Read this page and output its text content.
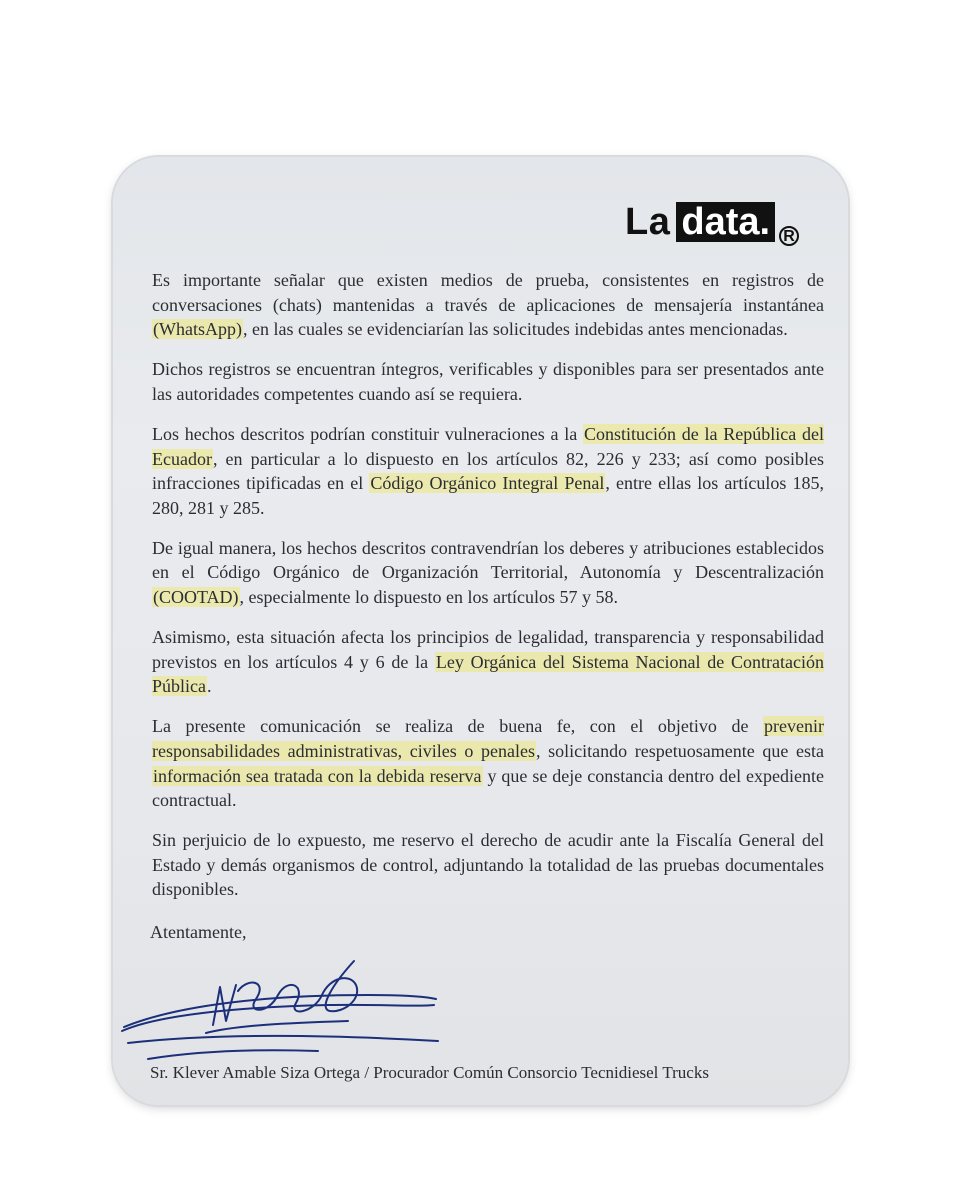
La data. R

Es importante señalar que existen medios de prueba, consistentes en registros de conversaciones (chats) mantenidas a través de aplicaciones de mensajería instantánea (WhatsApp), en las cuales se evidenciarían las solicitudes indebidas antes mencionadas.

Dichos registros se encuentran íntegros, verificables y disponibles para ser presentados ante las autoridades competentes cuando así se requiera.

Los hechos descritos podrían constituir vulneraciones a la Constitución de la República del Ecuador, en particular a lo dispuesto en los artículos 82, 226 y 233; así como posibles infracciones tipificadas en el Código Orgánico Integral Penal, entre ellas los artículos 185, 280, 281 y 285.

De igual manera, los hechos descritos contravendrían los deberes y atribuciones establecidos en el Código Orgánico de Organización Territorial, Autonomía y Descentralización (COOTAD), especialmente lo dispuesto en los artículos 57 y 58.

Asimismo, esta situación afecta los principios de legalidad, transparencia y responsabilidad previstos en los artículos 4 y 6 de la Ley Orgánica del Sistema Nacional de Contratación Pública.

La presente comunicación se realiza de buena fe, con el objetivo de prevenir responsabilidades administrativas, civiles o penales, solicitando respetuosamente que esta información sea tratada con la debida reserva y que se deje constancia dentro del expediente contractual.

Sin perjuicio de lo expuesto, me reservo el derecho de acudir ante la Fiscalía General del Estado y demás organismos de control, adjuntando la totalidad de las pruebas documentales disponibles.

Atentamente,
Sr. Klever Amable Siza Ortega / Procurador Común Consorcio Tecnidiesel Trucks
